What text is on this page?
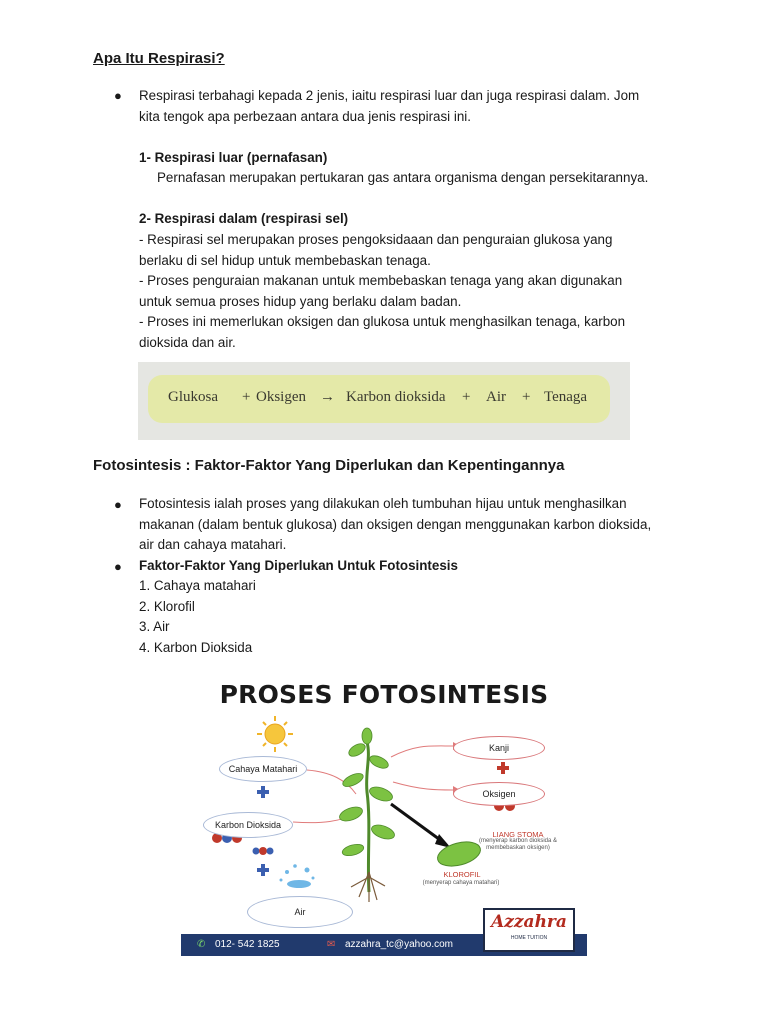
Apa Itu Respirasi?
● Respirasi terbahagi kepada 2 jenis, iaitu respirasi luar dan juga respirasi dalam. Jom
kita tengok apa perbezaan antara dua jenis respirasi ini.
1- Respirasi luar (pernafasan)
Pernafasan merupakan pertukaran gas antara organisma dengan persekitarannya.
2- Respirasi dalam (respirasi sel)
- Respirasi sel merupakan proses pengoksidaaan dan penguraian glukosa yang
berlaku di sel hidup untuk membebaskan tenaga.
- Proses penguraian makanan untuk membebaskan tenaga yang akan digunakan
untuk semua proses hidup yang berlaku dalam badan.
- Proses ini memerlukan oksigen dan glukosa untuk menghasilkan tenaga, karbon
dioksida dan air.
Glukosa + Oksigen → Karbon dioksida + Air + Tenaga
Fotosintesis : Faktor-Faktor Yang Diperlukan dan Kepentingannya
● Fotosintesis ialah proses yang dilakukan oleh tumbuhan hijau untuk menghasilkan
makanan (dalam bentuk glukosa) dan oksigen dengan menggunakan karbon dioksida,
air dan cahaya matahari.
● Faktor-Faktor Yang Diperlukan Untuk Fotosintesis
1. Cahaya matahari
2. Klorofil
3. Air
4. Karbon Dioksida
PROSES FOTOSINTESIS
Cahaya Matahari
Karbon Dioksida
Air
Kanji
Oksigen
LIANG STOMA
(menyerap karbon dioksida &
membebaskan oksigen)
KLOROFIL
(menyerap cahaya matahari)
✆ 012- 542 1825	✉ azzahra_tc@yahoo.com
Azzahra
HOME TUITION
